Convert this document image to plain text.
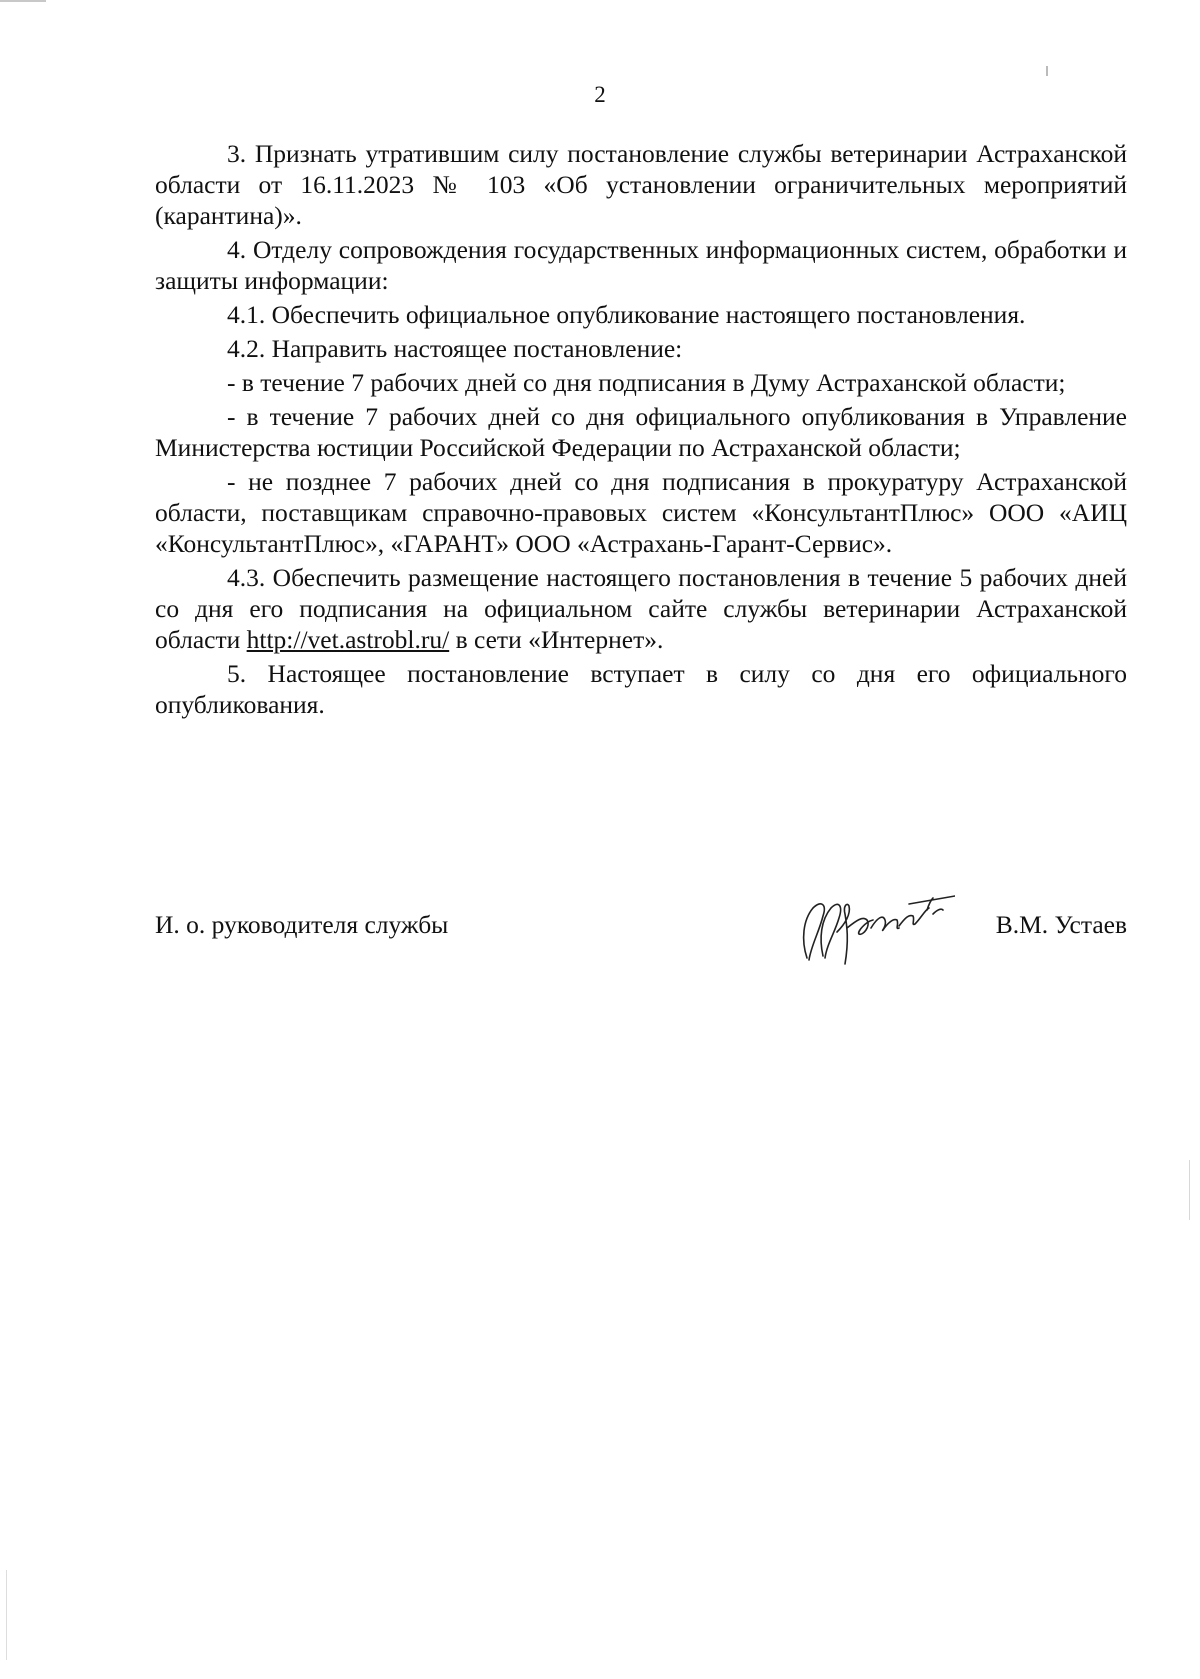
2

3. Признать утратившим силу постановление службы ветеринарии Астраханской области от 16.11.2023 № 103 «Об установлении ограничительных мероприятий (карантина)».

4. Отделу сопровождения государственных информационных систем, обработки и защиты информации:

4.1. Обеспечить официальное опубликование настоящего постановления.

4.2. Направить настоящее постановление:

- в течение 7 рабочих дней со дня подписания в Думу Астраханской области;

- в течение 7 рабочих дней со дня официального опубликования в Управление Министерства юстиции Российской Федерации по Астраханской области;

- не позднее 7 рабочих дней со дня подписания в прокуратуру Астраханской области, поставщикам справочно-правовых систем «КонсультантПлюс» ООО «АИЦ «КонсультантПлюс», «ГАРАНТ» ООО «Астрахань-Гарант-Сервис».

4.3. Обеспечить размещение настоящего постановления в течение 5 рабочих дней со дня его подписания на официальном сайте службы ветеринарии Астраханской области http://vet.astrobl.ru/ в сети «Интернет».

5. Настоящее постановление вступает в силу со дня его официального опубликования.

И. о. руководителя службы	В.М. Устаев
